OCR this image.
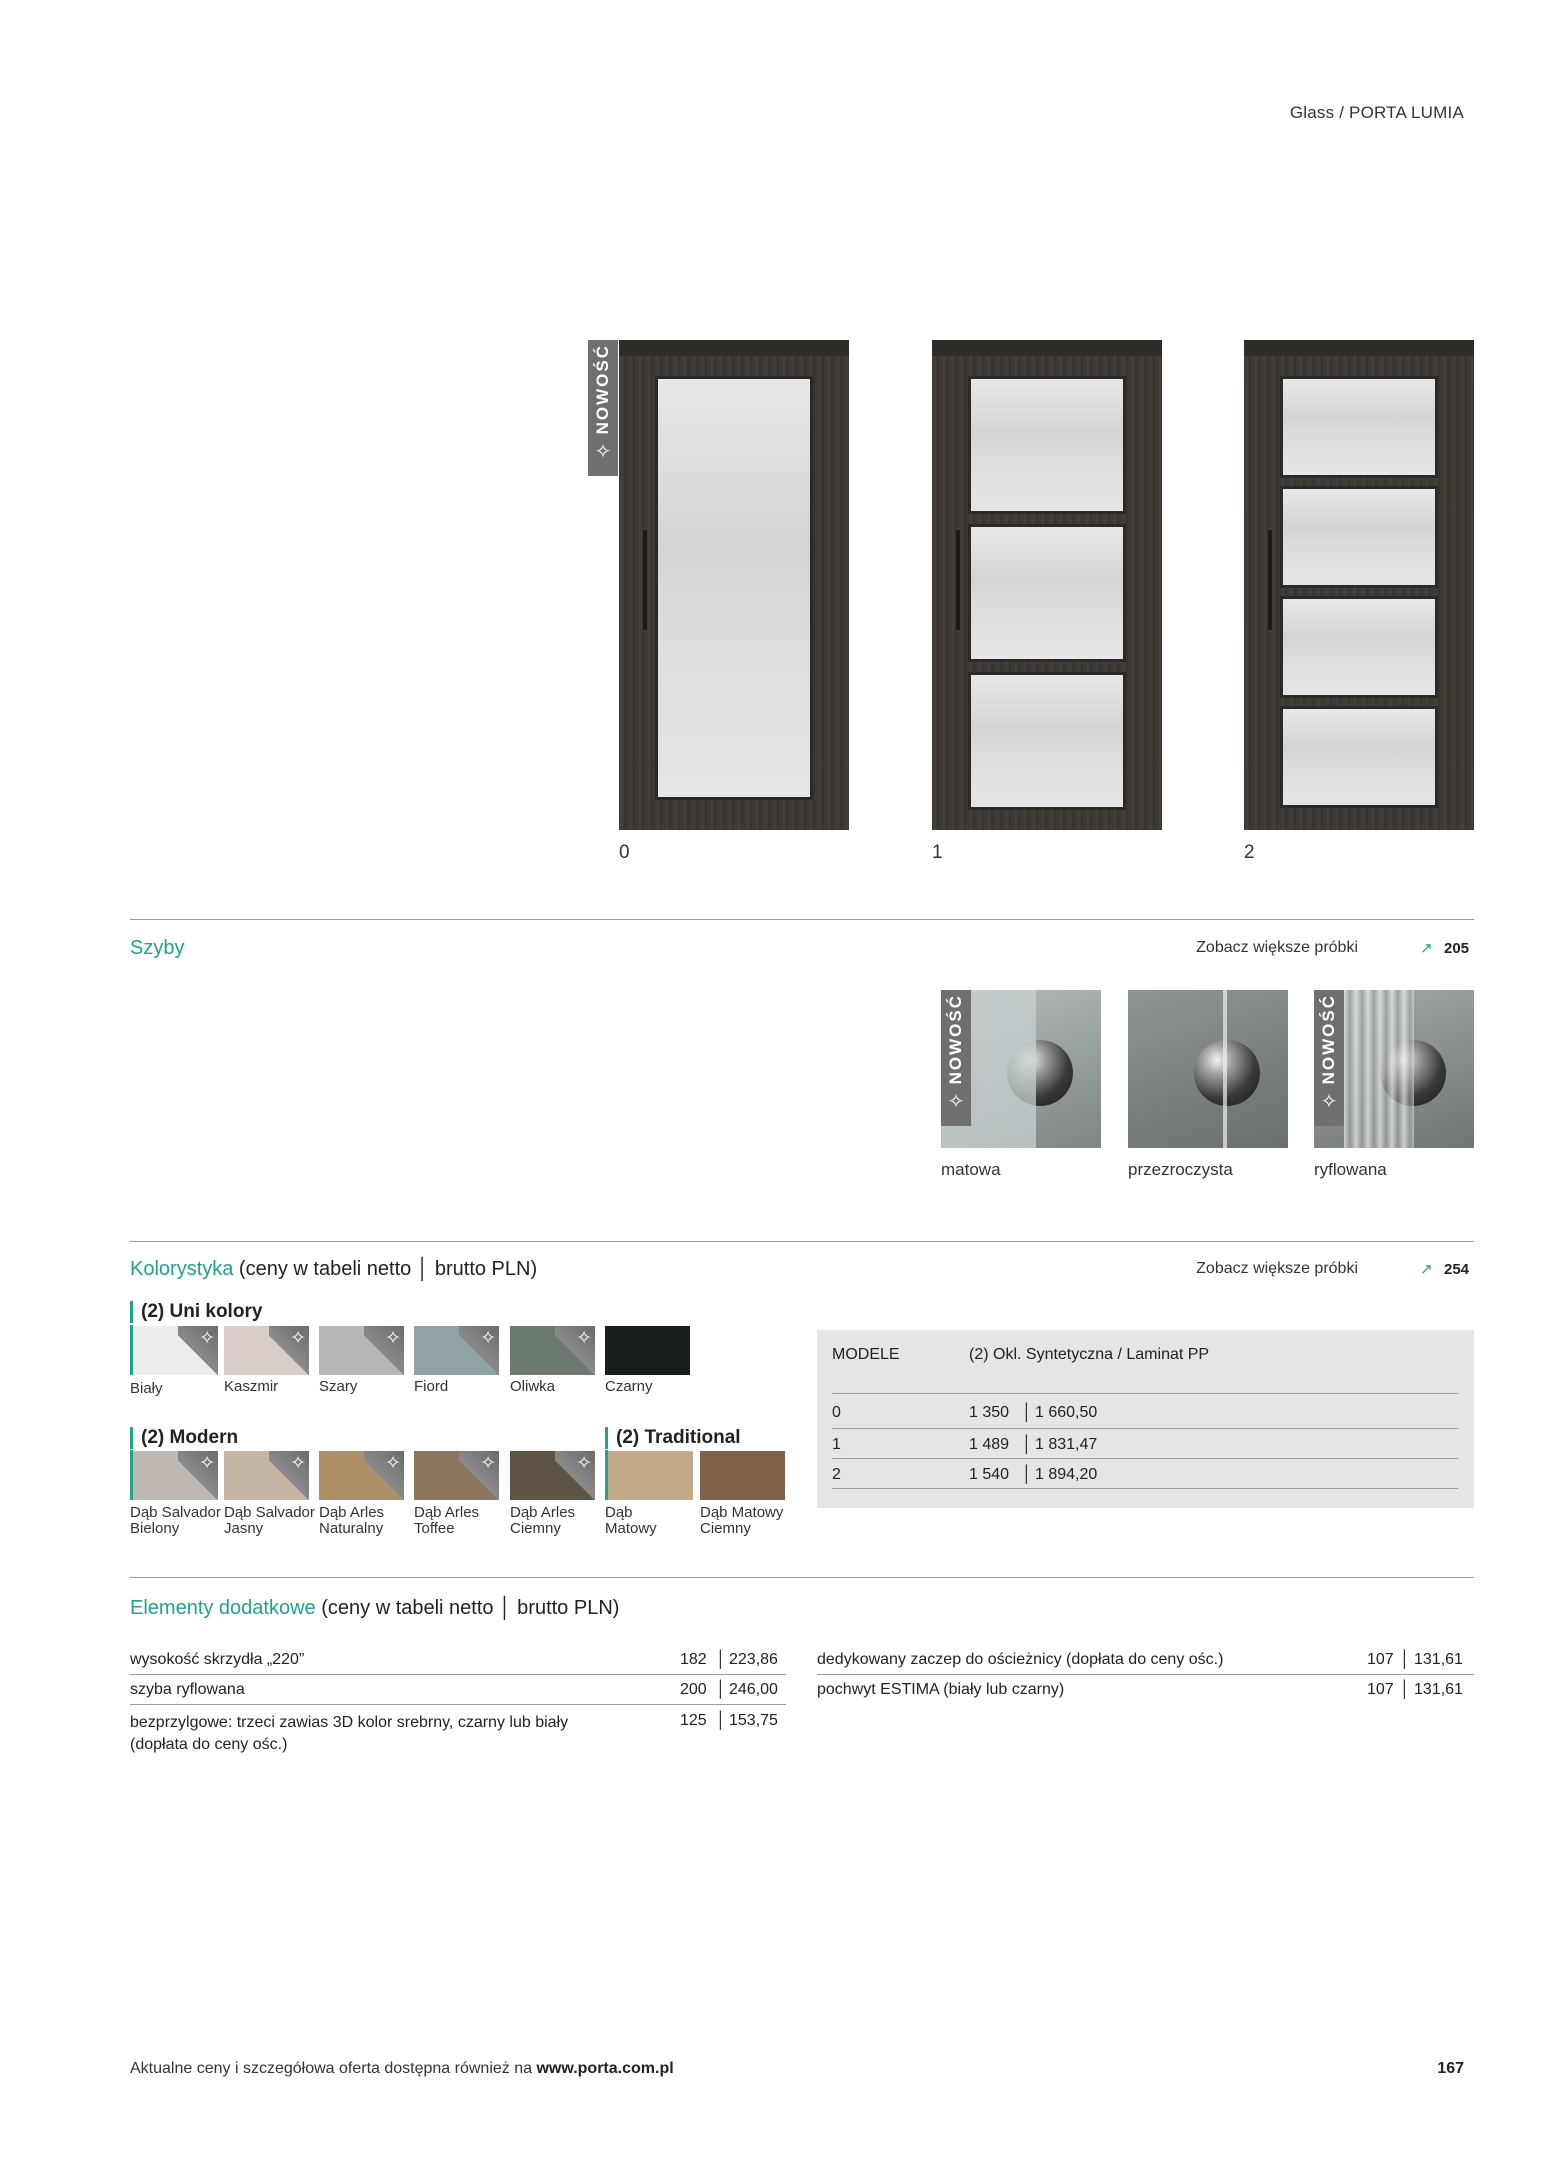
Glass / PORTA LUMIA
NOWOŚĆ
✧
0	1	2
Szyby	Zobacz większe próbki	↗ 205
NOWOŚĆ
✧
matowa	przezroczysta
NOWOŚĆ
✧
ryflowana
Kolorystyka (ceny w tabeli netto │ brutto PLN)	Zobacz większe próbki	↗ 254
(2) Uni kolory
✧
Biały
✧
Kaszmir
✧
Szary
✧
Fiord
✧
Oliwka	Czarny
(2) Modern
✧
Dąb Salvador
Bielony
✧
Dąb Salvador
Jasny
✧
Dąb Arles
Naturalny
✧
Dąb Arles
Toffee
✧
Dąb Arles
Ciemny
(2) Traditional
Dąb
Matowy
Dąb Matowy
Ciemny
MODELE	(2) Okl. Syntetyczna / Laminat PP
0	1 350 │ 1 660,50
1	1 489 │ 1 831,47
2	1 540 │ 1 894,20
Elementy dodatkowe (ceny w tabeli netto │ brutto PLN)
wysokość skrzydła „220”	182 │ 223,86
szyba ryflowana	200 │ 246,00
bezprzylgowe: trzeci zawias 3D kolor srebrny, czarny lub biały
(dopłata do ceny ośc.)
125 │ 153,75
dedykowany zaczep do ościeżnicy (dopłata do ceny ośc.)	107 │ 131,61
pochwyt ESTIMA (biały lub czarny)	107 │ 131,61
Aktualne ceny i szczegółowa oferta dostępna również na www.porta.com.pl	167
